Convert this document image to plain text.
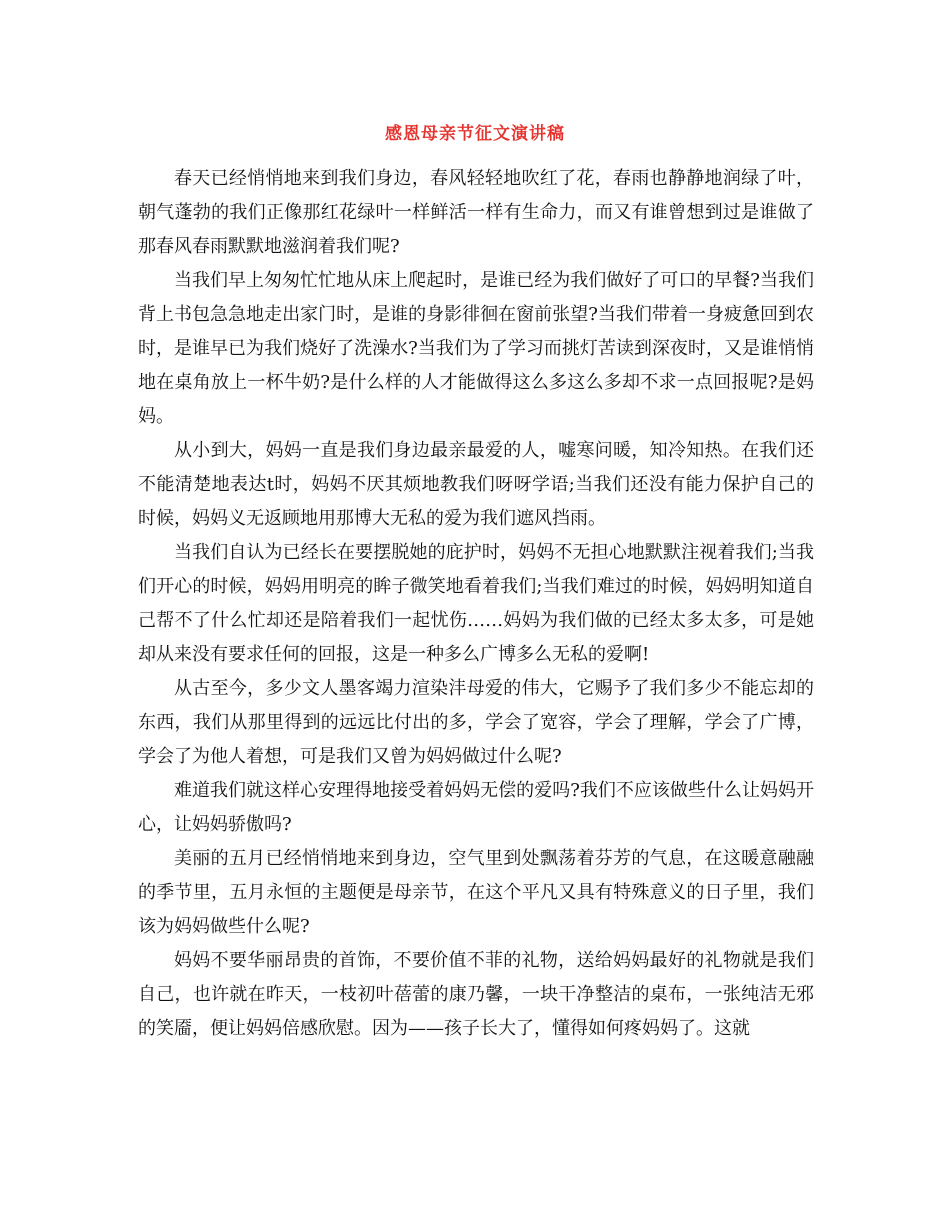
感恩母亲节征文演讲稿

春天已经悄悄地来到我们身边，春风轻轻地吹红了花，春雨也静静地润绿了叶，朝气蓬勃的我们正像那红花绿叶一样鲜活一样有生命力，而又有谁曾想到过是谁做了那春风春雨默默地滋润着我们呢?

当我们早上匆匆忙忙地从床上爬起时，是谁已经为我们做好了可口的早餐?当我们背上书包急急地走出家门时，是谁的身影徘徊在窗前张望?当我们带着一身疲惫回到农时，是谁早已为我们烧好了洗澡水?当我们为了学习而挑灯苦读到深夜时，又是谁悄悄地在桌角放上一杯牛奶?是什么样的人才能做得这么多这么多却不求一点回报呢?是妈妈。

从小到大，妈妈一直是我们身边最亲最爱的人，嘘寒问暖，知冷知热。在我们还不能清楚地表达t时，妈妈不厌其烦地教我们呀呀学语;当我们还没有能力保护自己的时候，妈妈义无返顾地用那博大无私的爱为我们遮风挡雨。

当我们自认为已经长在要摆脱她的庇护时，妈妈不无担心地默默注视着我们;当我们开心的时候，妈妈用明亮的眸子微笑地看着我们;当我们难过的时候，妈妈明知道自己帮不了什么忙却还是陪着我们一起忧伤……妈妈为我们做的已经太多太多，可是她却从来没有要求任何的回报，这是一种多么广博多么无私的爱啊!

从古至今，多少文人墨客竭力渲染沣母爱的伟大，它赐予了我们多少不能忘却的东西，我们从那里得到的远远比付出的多，学会了宽容，学会了理解，学会了广博，学会了为他人着想，可是我们又曾为妈妈做过什么呢?

难道我们就这样心安理得地接受着妈妈无偿的爱吗?我们不应该做些什么让妈妈开心，让妈妈骄傲吗?

美丽的五月已经悄悄地来到身边，空气里到处飘荡着芬芳的气息，在这暖意融融的季节里，五月永恒的主题便是母亲节，在这个平凡又具有特殊意义的日子里，我们该为妈妈做些什么呢?

妈妈不要华丽昂贵的首饰，不要价值不菲的礼物，送给妈妈最好的礼物就是我们自己，也许就在昨天，一枝初叶蓓蕾的康乃馨，一块干净整洁的桌布，一张纯洁无邪的笑靥，便让妈妈倍感欣慰。因为——孩子长大了，懂得如何疼妈妈了。这就
